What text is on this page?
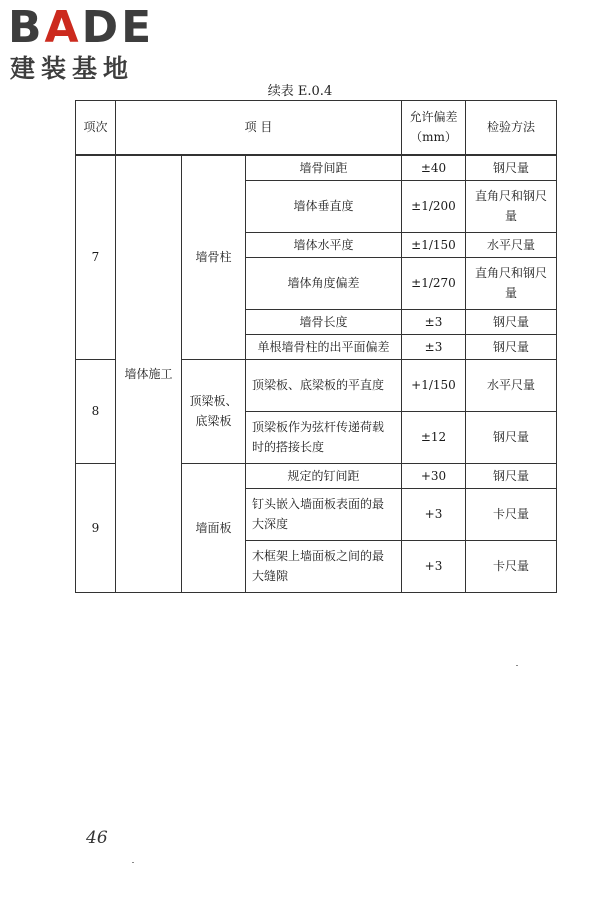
BADE
建装基地
续表 E.0.4
项次	项 目			允许偏差（mm）	检验方法
7	墙体施工	墙骨柱	墙骨间距	±40	钢尺量
			墙体垂直度	±1/200	直角尺和钢尺量
			墙体水平度	±1/150	水平尺量
			墙体角度偏差	±1/270	直角尺和钢尺量
			墙骨长度	±3	钢尺量
			单根墙骨柱的出平面偏差	±3	钢尺量
8		顶梁板、底梁板	顶梁板、底梁板的平直度	+1/150	水平尺量
			顶梁板作为弦杆传递荷载时的搭接长度	±12	钢尺量
9		墙面板	规定的钉间距	+30	钢尺量
			钉头嵌入墙面板表面的最大深度	+3	卡尺量
			木框架上墙面板之间的最大缝隙	+3	卡尺量
46
